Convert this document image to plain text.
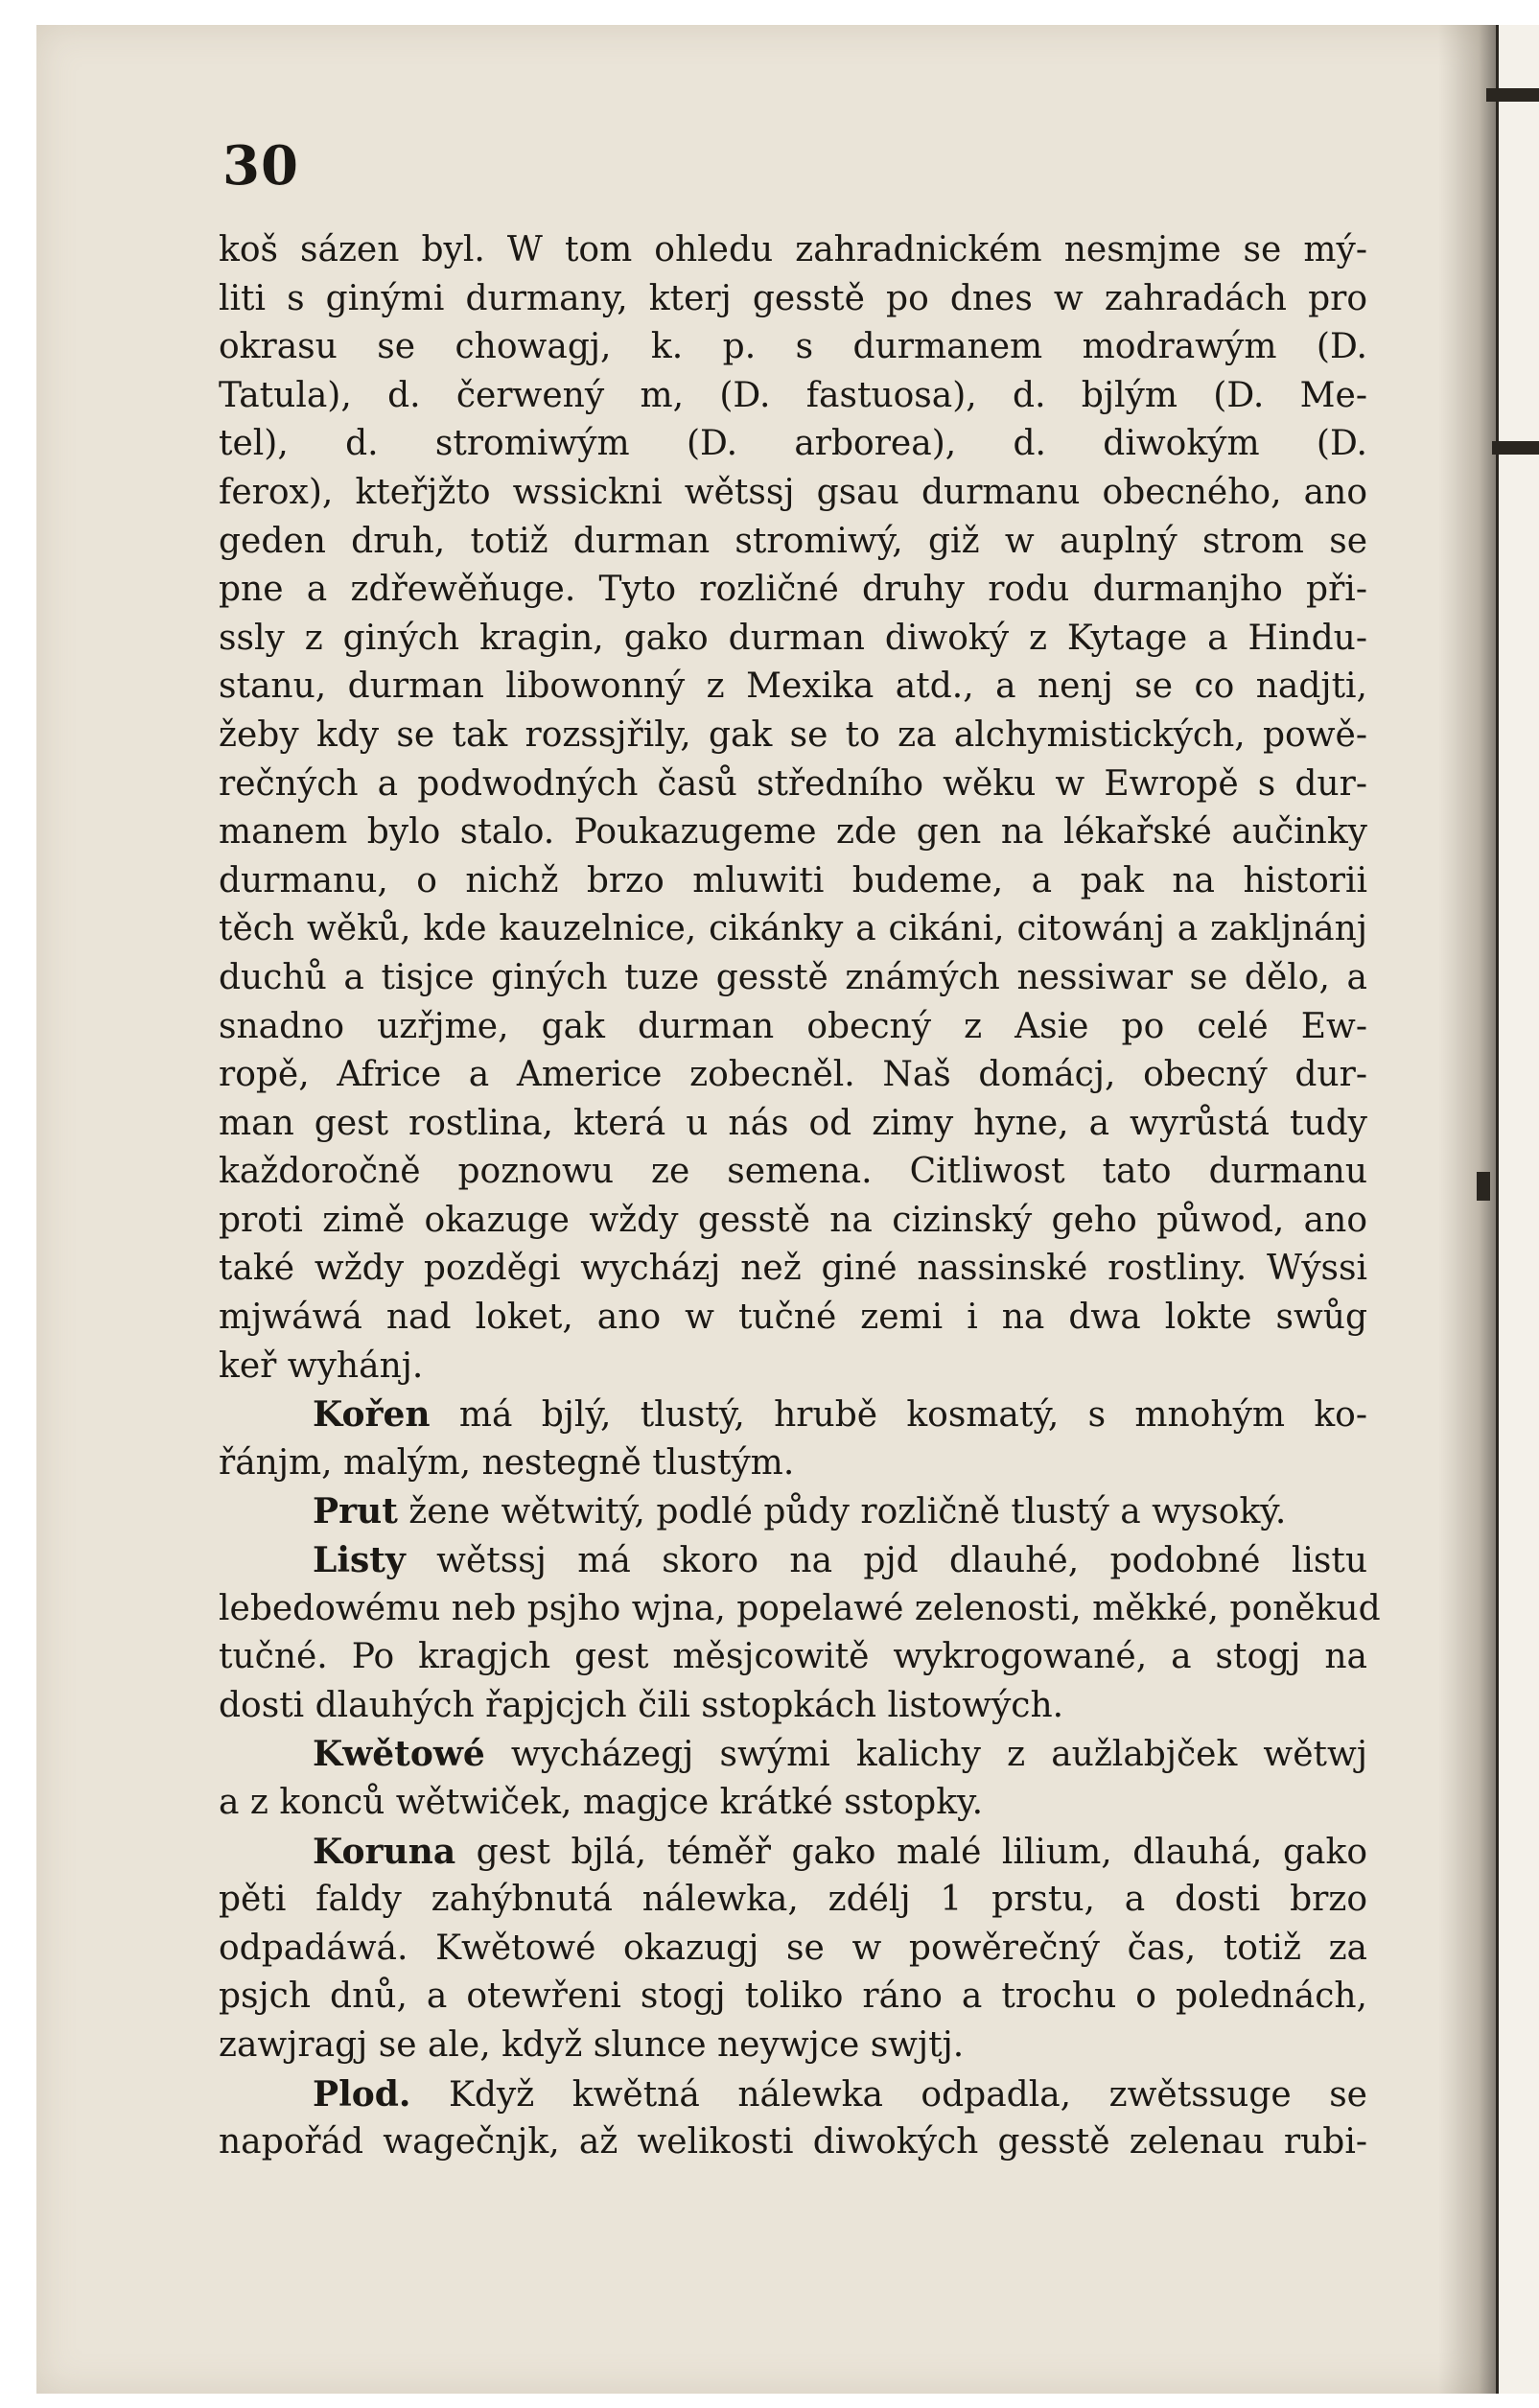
30
koš sázen byl. W tom ohledu zahradnickém nesmjme se mý-
liti s ginými durmany, kterj gesstě po dnes w zahradách pro
okrasu se chowagj, k. p. s durmanem modrawým (D.
Tatula), d. čerwený m, (D. fastuosa), d. bjlým (D. Me-
tel), d. stromiwým (D. arborea), d. diwokým (D.
ferox), kteřjžto wssickni wětssj gsau durmanu obecného, ano
geden druh, totiž durman stromiwý, giž w auplný strom se
pne a zdřewěňuge. Tyto rozličné druhy rodu durmanjho při-
ssly z giných kragin, gako durman diwoký z Kytage a Hindu-
stanu, durman libowonný z Mexika atd., a nenj se co nadjti,
žeby kdy se tak rozssjřily, gak se to za alchymistických, powě-
rečných a podwodných časů středního wěku w Ewropě s dur-
manem bylo stalo. Poukazugeme zde gen na lékařské aučinky
durmanu, o nichž brzo mluwiti budeme, a pak na historii
těch wěků, kde kauzelnice, cikánky a cikáni, citowánj a zakljnánj
duchů a tisjce giných tuze gesstě známých nessiwar se dělo, a
snadno uzřjme, gak durman obecný z Asie po celé Ew-
ropě, Africe a Americe zobecněl. Naš domácj, obecný dur-
man gest rostlina, která u nás od zimy hyne, a wyrůstá tudy
každoročně poznowu ze semena. Citliwost tato durmanu
proti zimě okazuge wždy gesstě na cizinský geho půwod, ano
také wždy pozděgi wycházj než giné nassinské rostliny. Wýssi
mjwáwá nad loket, ano w tučné zemi i na dwa lokte swůg
keř wyhánj.
Kořen má bjlý, tlustý, hrubě kosmatý, s mnohým ko-
řánjm, malým, nestegně tlustým.
Prut žene wětwitý, podlé půdy rozličně tlustý a wysoký.
Listy wětssj má skoro na pjd dlauhé, podobné listu
lebedowému neb psjho wjna, popelawé zelenosti, měkké, poněkud
tučné. Po kragjch gest měsjcowitě wykrogowané, a stogj na
dosti dlauhých řapjcjch čili sstopkách listowých.
Kwětowé wycházegj swými kalichy z aužlabjček wětwj
a z konců wětwiček, magjce krátké sstopky.
Koruna gest bjlá, téměř gako malé lilium, dlauhá, gako
pěti faldy zahýbnutá nálewka, zdélj 1 prstu, a dosti brzo
odpadáwá. Kwětowé okazugj se w powěrečný čas, totiž za
psjch dnů, a otewřeni stogj toliko ráno a trochu o polednách,
zawjragj se ale, když slunce neywjce swjtj.
Plod. Když kwětná nálewka odpadla, zwětssuge se
napořád wagečnjk, až welikosti diwokých gesstě zelenau rubi-
